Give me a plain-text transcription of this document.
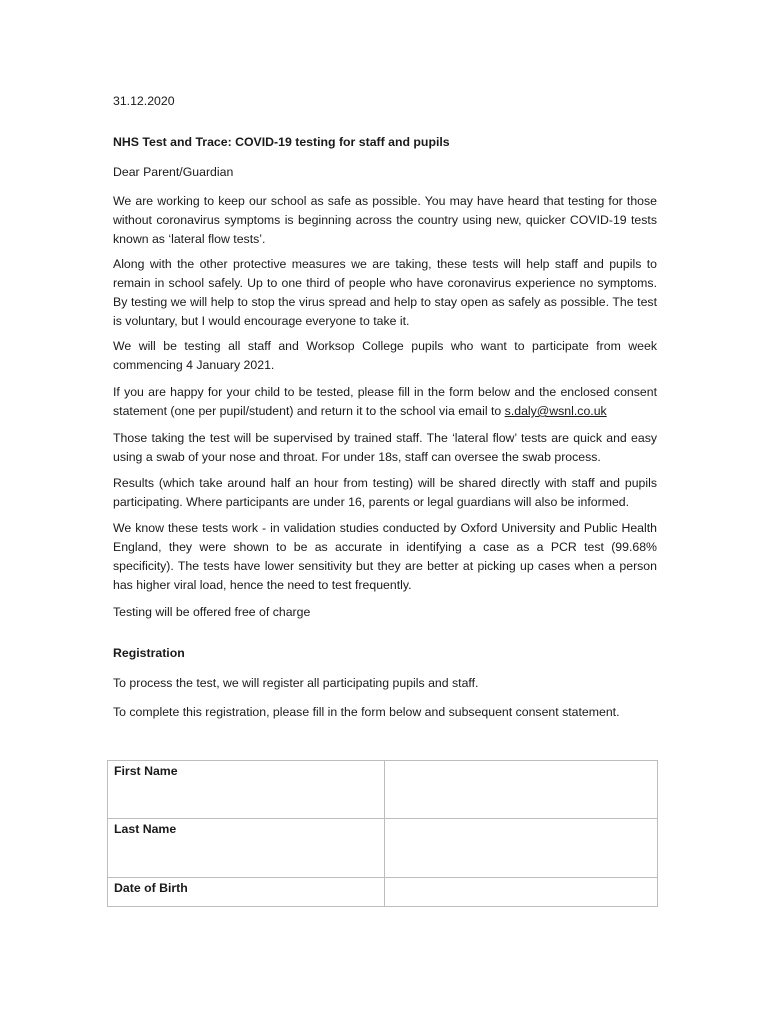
31.12.2020
NHS Test and Trace: COVID-19 testing for staff and pupils
Dear Parent/Guardian
We are working to keep our school as safe as possible. You may have heard that testing for those without coronavirus symptoms is beginning across the country using new, quicker COVID-19 tests known as ‘lateral flow tests’.
Along with the other protective measures we are taking, these tests will help staff and pupils to remain in school safely. Up to one third of people who have coronavirus experience no symptoms. By testing we will help to stop the virus spread and help to stay open as safely as possible. The test is voluntary, but I would encourage everyone to take it.
We will be testing all staff and Worksop College pupils who want to participate from week commencing 4 January 2021.
If you are happy for your child to be tested, please fill in the form below and the enclosed consent statement (one per pupil/student) and return it to the school via email to s.daly@wsnl.co.uk
Those taking the test will be supervised by trained staff. The ‘lateral flow’ tests are quick and easy using a swab of your nose and throat. For under 18s, staff can oversee the swab process.
Results (which take around half an hour from testing) will be shared directly with staff and pupils participating. Where participants are under 16, parents or legal guardians will also be informed.
We know these tests work - in validation studies conducted by Oxford University and Public Health England, they were shown to be as accurate in identifying a case as a PCR test (99.68% specificity). The tests have lower sensitivity but they are better at picking up cases when a person has higher viral load, hence the need to test frequently.
Testing will be offered free of charge
Registration
To process the test, we will register all participating pupils and staff.
To complete this registration, please fill in the form below and subsequent consent statement.
First Name	
Last Name	
Date of Birth	
